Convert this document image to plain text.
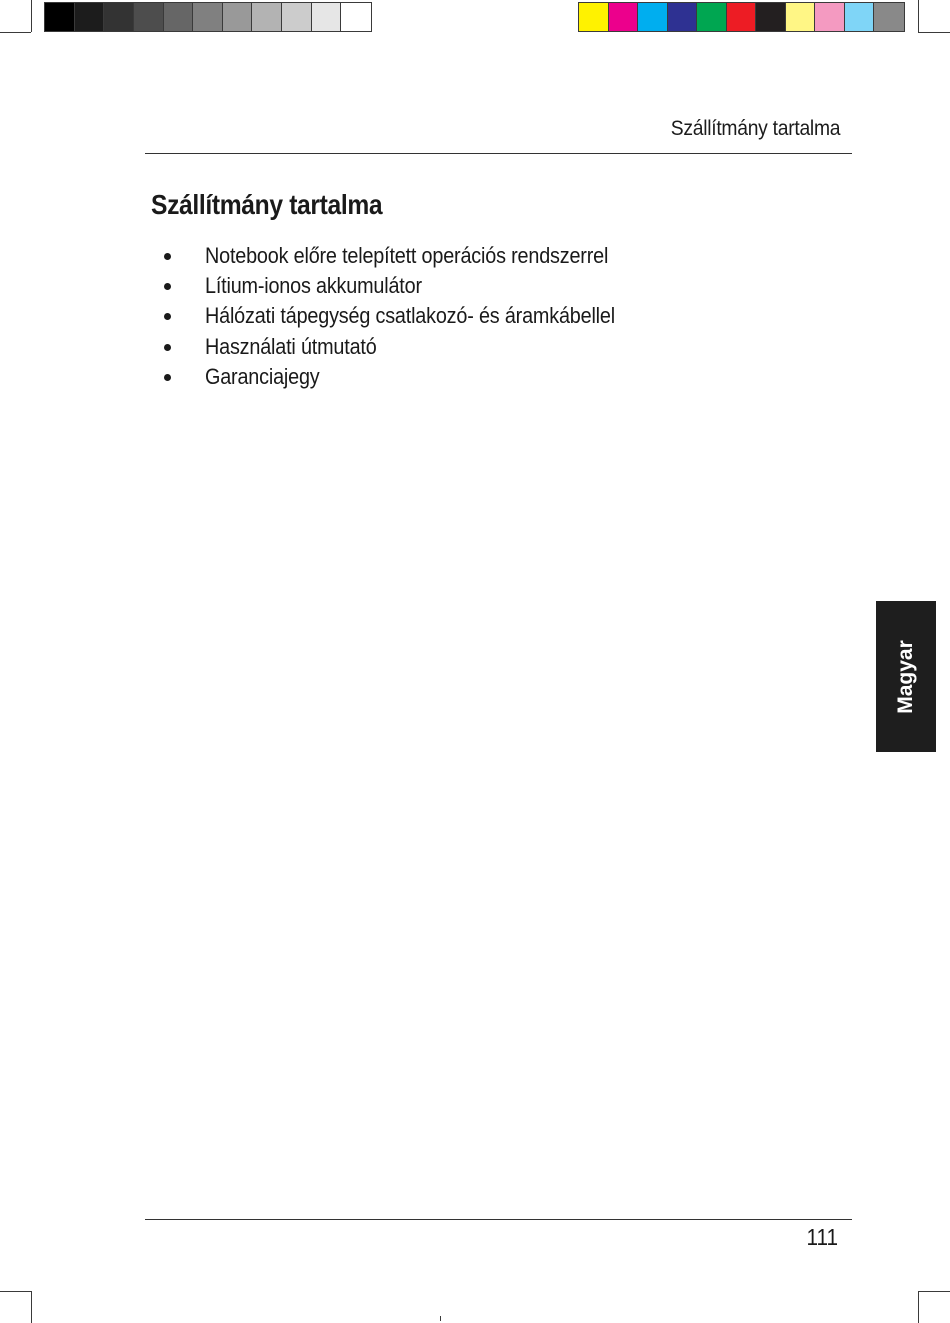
Szállítmány tartalma
Szállítmány tartalma
Notebook előre telepített operációs rendszerrel
Lítium-ionos akkumulátor
Hálózati tápegység csatlakozó- és áramkábellel
Használati útmutató
Garanciajegy
Magyar
111
